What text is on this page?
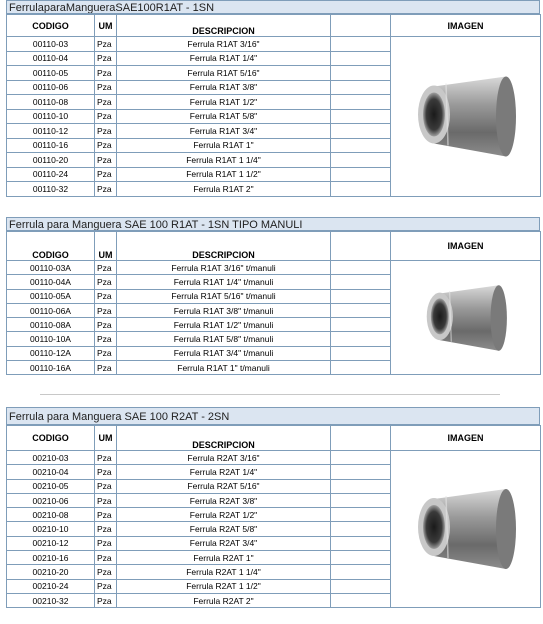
FerrulaparaMangueraSAE100R1AT - 1SN
CODIGO	UM	DESCRIPCION		IMAGEN
00110-03	Pza	Ferrula R1AT 3/16"		

00110-04	Pza	Ferrula R1AT 1/4"		
00110-05	Pza	Ferrula R1AT 5/16"		
00110-06	Pza	Ferrula R1AT 3/8"		
00110-08	Pza	Ferrula R1AT 1/2"		
00110-10	Pza	Ferrula R1AT 5/8"		
00110-12	Pza	Ferrula R1AT 3/4"		
00110-16	Pza	Ferrula R1AT 1"		
00110-20	Pza	Ferrula R1AT 1 1/4"		
00110-24	Pza	Ferrula R1AT 1 1/2"		
00110-32	Pza	Ferrula R1AT 2"		
Ferrula para Manguera SAE 100 R1AT - 1SN TIPO MANULI
CODIGO	UM	DESCRIPCION		IMAGEN
00110-03A	Pza	Ferrula R1AT 3/16" t/manuli		

00110-04A	Pza	Ferrula R1AT 1/4" t/manuli		
00110-05A	Pza	Ferrula R1AT 5/16" t/manuli		
00110-06A	Pza	Ferrula R1AT 3/8" t/manuli		
00110-08A	Pza	Ferrula R1AT 1/2" t/manuli		
00110-10A	Pza	Ferrula R1AT 5/8" t/manuli		
00110-12A	Pza	Ferrula R1AT 3/4" t/manuli		
00110-16A	Pza	Ferrula R1AT 1" t/manuli		
Ferrula para Manguera SAE 100 R2AT - 2SN
CODIGO	UM	DESCRIPCION		IMAGEN
00210-03	Pza	Ferrula R2AT 3/16"		

00210-04	Pza	Ferrula R2AT 1/4"		
00210-05	Pza	Ferrula R2AT 5/16"		
00210-06	Pza	Ferrula R2AT 3/8"		
00210-08	Pza	Ferrula R2AT 1/2"		
00210-10	Pza	Ferrula R2AT 5/8"		
00210-12	Pza	Ferrula R2AT 3/4"		
00210-16	Pza	Ferrula R2AT 1"		
00210-20	Pza	Ferrula R2AT 1 1/4"		
00210-24	Pza	Ferrula R2AT 1 1/2"		
00210-32	Pza	Ferrula R2AT 2"		
